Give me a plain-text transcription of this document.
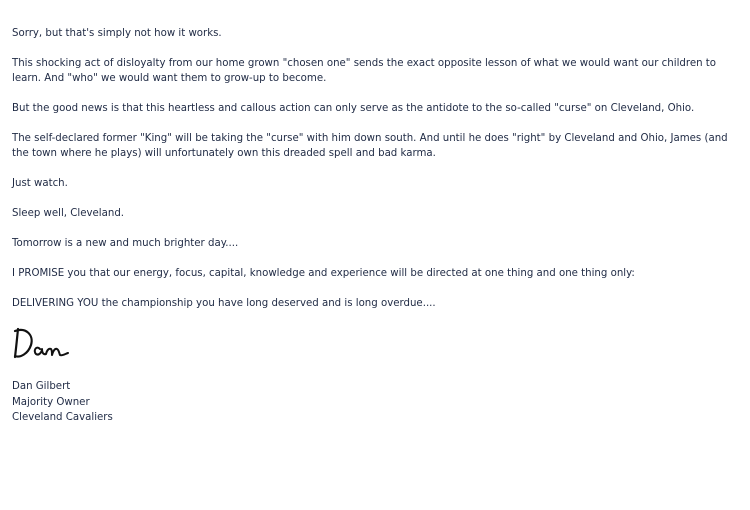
Sorry, but that's simply not how it works.

This shocking act of disloyalty from our home grown "chosen one" sends the exact opposite lesson of what we would want our children to learn. And "who" we would want them to grow-up to become.

But the good news is that this heartless and callous action can only serve as the antidote to the so-called "curse" on Cleveland, Ohio.

The self-declared former "King" will be taking the "curse" with him down south. And until he does "right" by Cleveland and Ohio, James (and the town where he plays) will unfortunately own this dreaded spell and bad karma.

Just watch.

Sleep well, Cleveland.

Tomorrow is a new and much brighter day....

I PROMISE you that our energy, focus, capital, knowledge and experience will be directed at one thing and one thing only:

DELIVERING YOU the championship you have long deserved and is long overdue....

Dan Gilbert

Majority Owner

Cleveland Cavaliers
